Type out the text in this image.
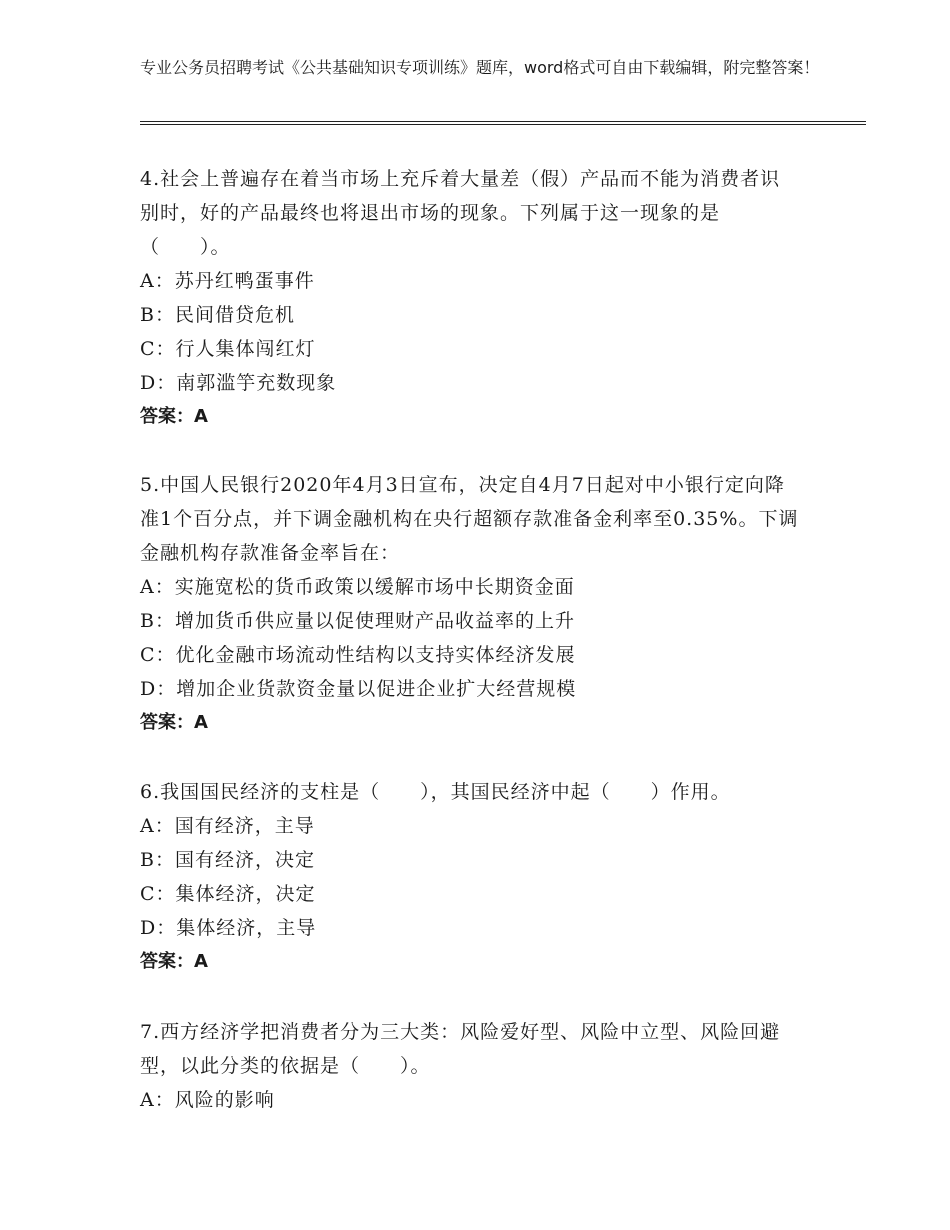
专业公务员招聘考试《公共基础知识专项训练》题库，word格式可自由下载编辑，附完整答案！
4.社会上普遍存在着当市场上充斥着大量差（假）产品而不能为消费者识别时，好的产品最终也将退出市场的现象。下列属于这一现象的是（　　）。
A：苏丹红鸭蛋事件
B：民间借贷危机
C：行人集体闯红灯
D：南郭滥竽充数现象
答案：A
5.中国人民银行2020年4月3日宣布，决定自4月7日起对中小银行定向降准1个百分点，并下调金融机构在央行超额存款准备金利率至0.35%。下调金融机构存款准备金率旨在：
A：实施宽松的货币政策以缓解市场中长期资金面
B：增加货币供应量以促使理财产品收益率的上升
C：优化金融市场流动性结构以支持实体经济发展
D：增加企业货款资金量以促进企业扩大经营规模
答案：A
6.我国国民经济的支柱是（　　），其国民经济中起（　　）作用。
A：国有经济，主导
B：国有经济，决定
C：集体经济，决定
D：集体经济，主导
答案：A
7.西方经济学把消费者分为三大类：风险爱好型、风险中立型、风险回避型，以此分类的依据是（　　）。
A：风险的影响
